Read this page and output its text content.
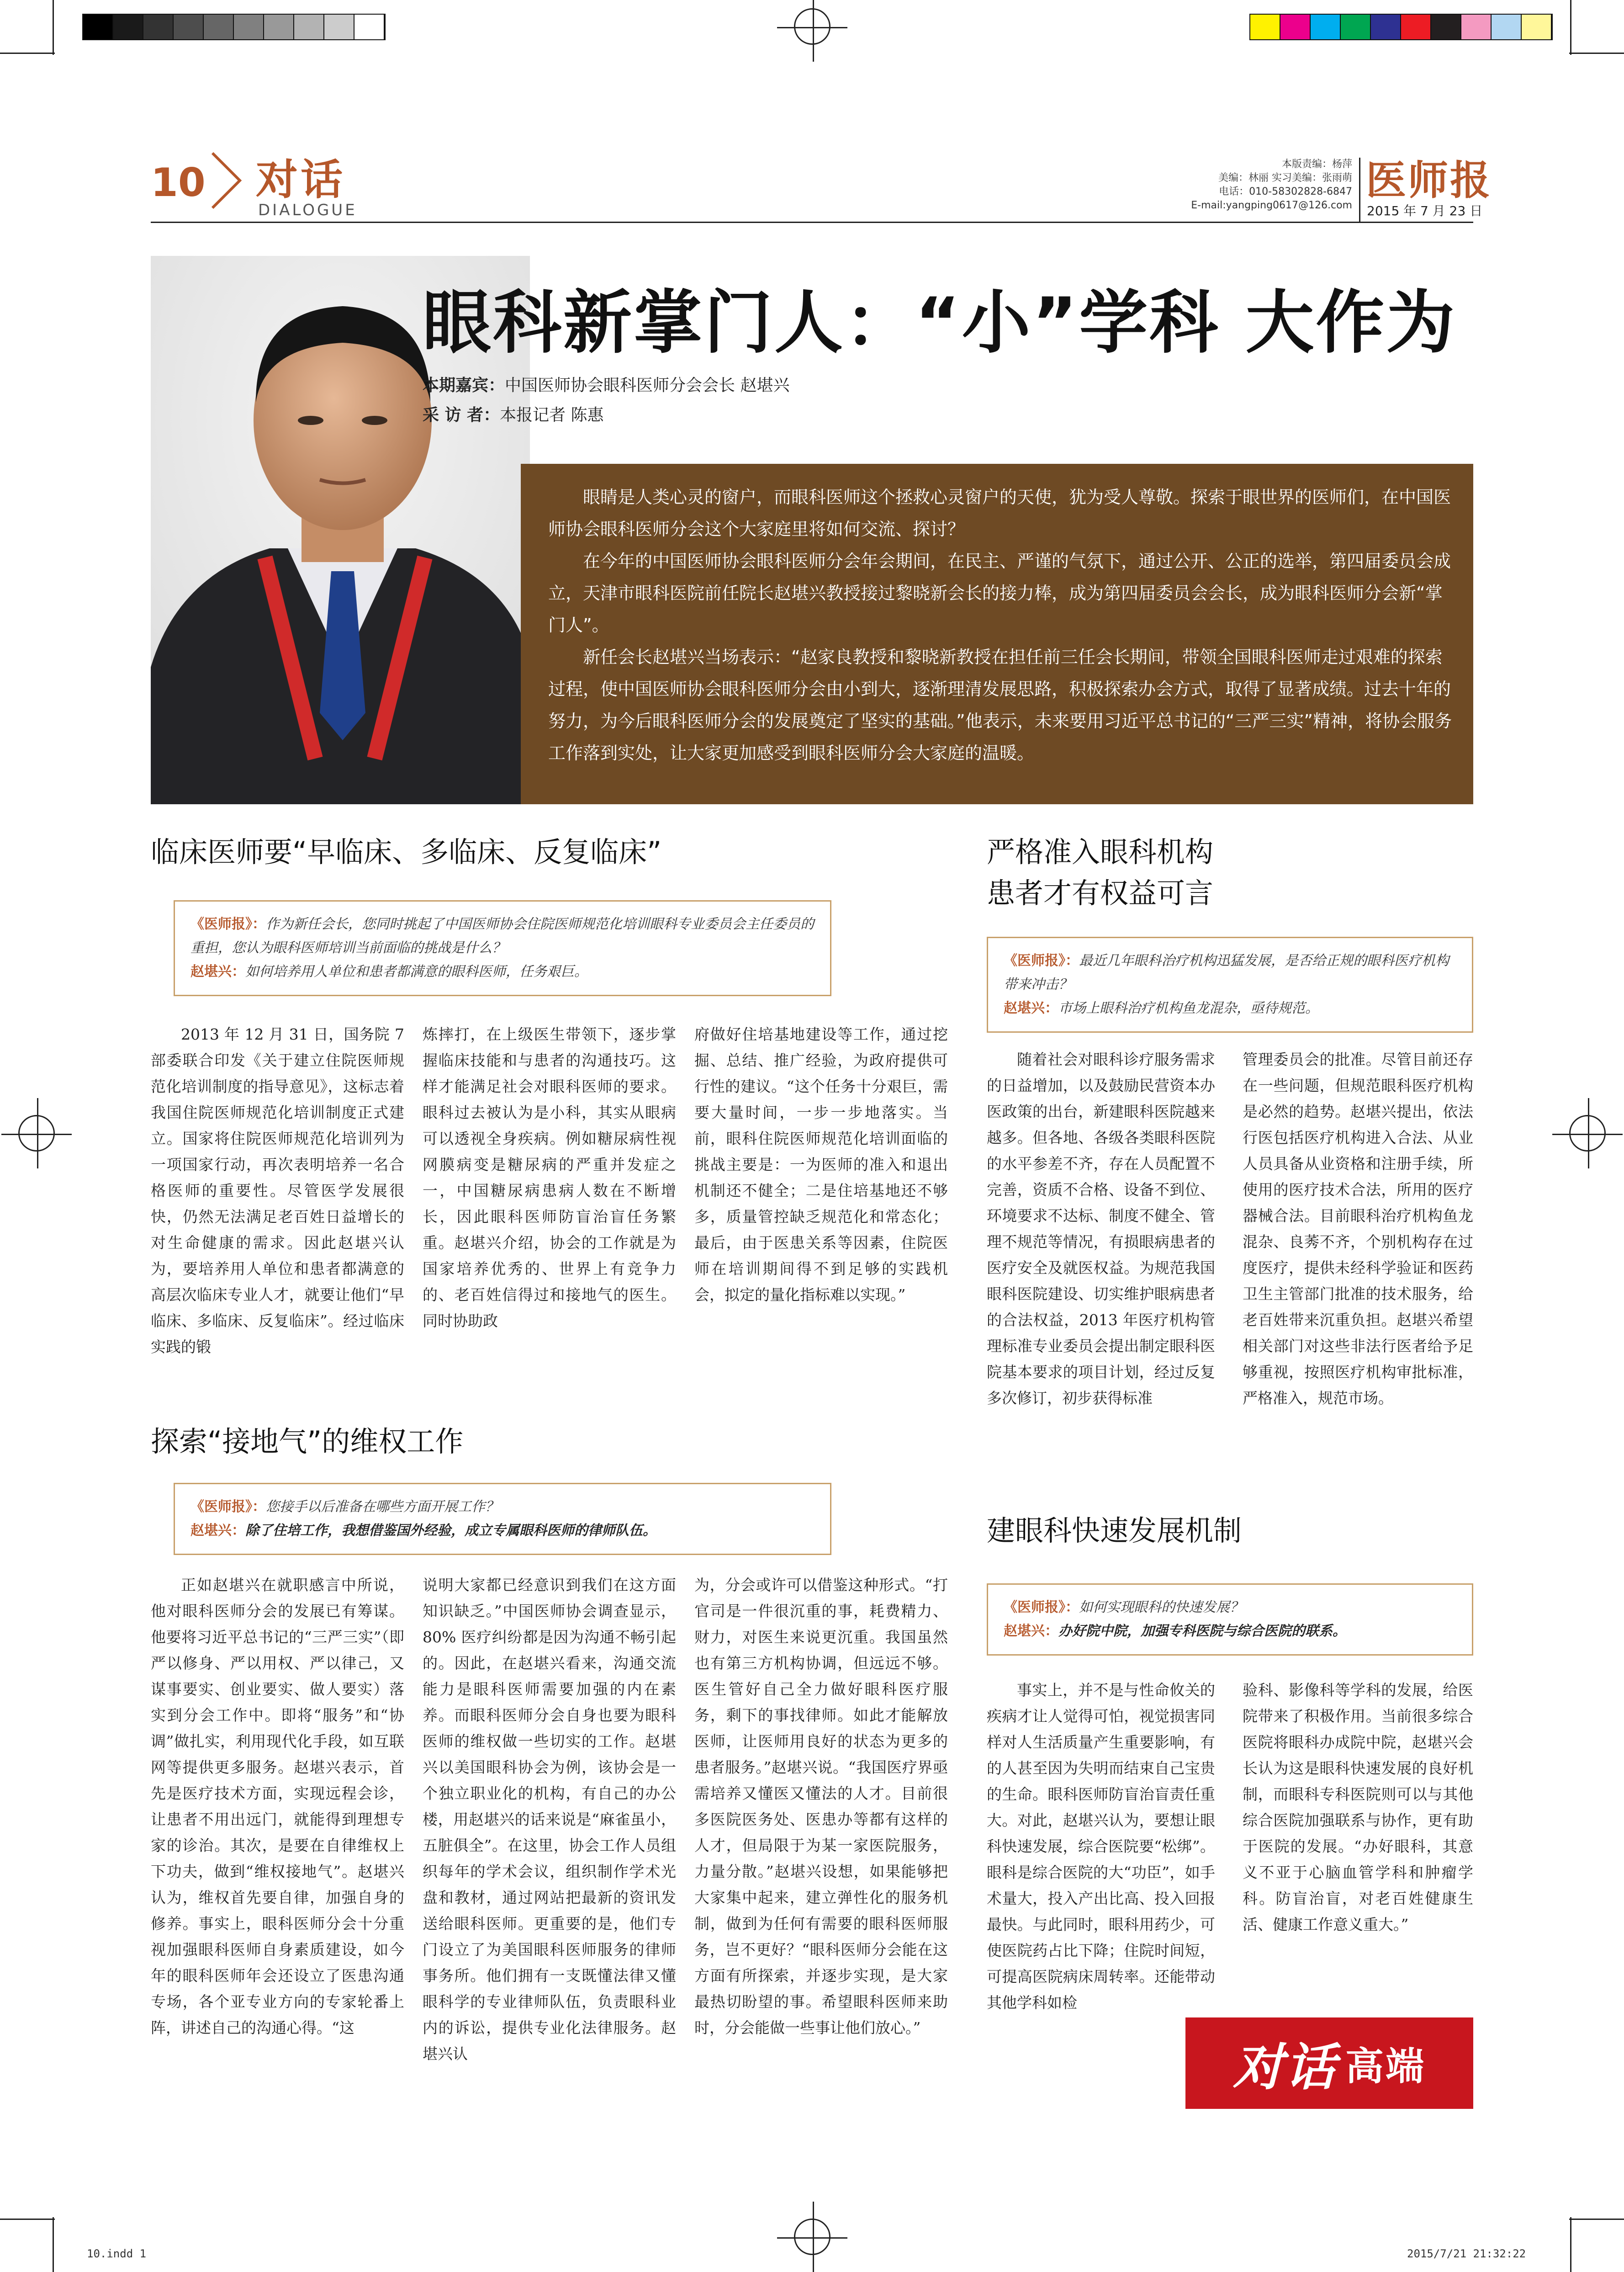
10 对话
DIALOGUE
本版责编：杨萍
美编：林丽 实习美编：张雨萌
电话：010-58302828-6847
E-mail:yangping0617@126.com
医师报
2015 年 7 月 23 日
眼科新掌门人：“小”学科 大作为
本期嘉宾：中国医师协会眼科医师分会会长 赵堪兴
采 访 者：本报记者 陈惠

眼睛是人类心灵的窗户，而眼科医师这个拯救心灵窗户的天使，犹为受人尊敬。探索于眼世界的医师们，在中国医师协会眼科医师分会这个大家庭里将如何交流、探讨？

在今年的中国医师协会眼科医师分会年会期间，在民主、严谨的气氛下，通过公开、公正的选举，第四届委员会成立，天津市眼科医院前任院长赵堪兴教授接过黎晓新会长的接力棒，成为第四届委员会会长，成为眼科医师分会新“掌门人”。

新任会长赵堪兴当场表示：“赵家良教授和黎晓新教授在担任前三任会长期间，带领全国眼科医师走过艰难的探索过程，使中国医师协会眼科医师分会由小到大，逐渐理清发展思路，积极探索办会方式，取得了显著成绩。过去十年的努力，为今后眼科医师分会的发展奠定了坚实的基础。”他表示，未来要用习近平总书记的“三严三实”精神，将协会服务工作落到实处，让大家更加感受到眼科医师分会大家庭的温暖。

临床医师要“早临床、多临床、反复临床”
《医师报》：作为新任会长，您同时挑起了中国医师协会住院医师规范化培训眼科专业委员会主任委员的重担，您认为眼科医师培训当前面临的挑战是什么？
赵堪兴：如何培养用人单位和患者都满意的眼科医师，任务艰巨。

2013 年 12 月 31 日，国务院 7 部委联合印发《关于建立住院医师规范化培训制度的指导意见》，这标志着我国住院医师规范化培训制度正式建立。国家将住院医师规范化培训列为一项国家行动，再次表明培养一名合格医师的重要性。尽管医学发展很快，仍然无法满足老百姓日益增长的对生命健康的需求。因此赵堪兴认为，要培养用人单位和患者都满意的高层次临床专业人才，就要让他们“早临床、多临床、反复临床”。经过临床实践的锻

炼摔打，在上级医生带领下，逐步掌握临床技能和与患者的沟通技巧。这样才能满足社会对眼科医师的要求。眼科过去被认为是小科，其实从眼病可以透视全身疾病。例如糖尿病性视网膜病变是糖尿病的严重并发症之一，中国糖尿病患病人数在不断增长，因此眼科医师防盲治盲任务繁重。赵堪兴介绍，协会的工作就是为国家培养优秀的、世界上有竞争力的、老百姓信得过和接地气的医生。同时协助政

府做好住培基地建设等工作，通过挖掘、总结、推广经验，为政府提供可行性的建议。“这个任务十分艰巨，需要大量时间，一步一步地落实。当前，眼科住院医师规范化培训面临的挑战主要是：一为医师的准入和退出机制还不健全；二是住培基地还不够多，质量管控缺乏规范化和常态化；最后，由于医患关系等因素，住院医师在培训期间得不到足够的实践机会，拟定的量化指标难以实现。”

探索“接地气”的维权工作
《医师报》：您接手以后准备在哪些方面开展工作？
赵堪兴：除了住培工作，我想借鉴国外经验，成立专属眼科医师的律师队伍。

正如赵堪兴在就职感言中所说，他对眼科医师分会的发展已有筹谋。他要将习近平总书记的“三严三实”（即严以修身、严以用权、严以律己，又谋事要实、创业要实、做人要实）落实到分会工作中。即将“服务”和“协调”做扎实，利用现代化手段，如互联网等提供更多服务。赵堪兴表示，首先是医疗技术方面，实现远程会诊，让患者不用出远门，就能得到理想专家的诊治。其次，是要在自律维权上下功夫，做到“维权接地气”。赵堪兴认为，维权首先要自律，加强自身的修养。事实上，眼科医师分会十分重视加强眼科医师自身素质建设，如今年的眼科医师年会还设立了医患沟通专场，各个亚专业方向的专家轮番上阵，讲述自己的沟通心得。“这

说明大家都已经意识到我们在这方面知识缺乏。”中国医师协会调查显示，80% 医疗纠纷都是因为沟通不畅引起的。因此，在赵堪兴看来，沟通交流能力是眼科医师需要加强的内在素养。而眼科医师分会自身也要为眼科医师的维权做一些切实的工作。赵堪兴以美国眼科协会为例，该协会是一个独立职业化的机构，有自己的办公楼，用赵堪兴的话来说是“麻雀虽小，五脏俱全”。在这里，协会工作人员组织每年的学术会议，组织制作学术光盘和教材，通过网站把最新的资讯发送给眼科医师。更重要的是，他们专门设立了为美国眼科医师服务的律师事务所。他们拥有一支既懂法律又懂眼科学的专业律师队伍，负责眼科业内的诉讼，提供专业化法律服务。赵堪兴认

为，分会或许可以借鉴这种形式。“打官司是一件很沉重的事，耗费精力、财力，对医生来说更沉重。我国虽然也有第三方机构协调，但远远不够。医生管好自己全力做好眼科医疗服务，剩下的事找律师。如此才能解放医师，让医师用良好的状态为更多的患者服务。”赵堪兴说。“我国医疗界亟需培养又懂医又懂法的人才。目前很多医院医务处、医患办等都有这样的人才，但局限于为某一家医院服务，力量分散。”赵堪兴设想，如果能够把大家集中起来，建立弹性化的服务机制，做到为任何有需要的眼科医师服务，岂不更好？“眼科医师分会能在这方面有所探索，并逐步实现，是大家最热切盼望的事。希望眼科医师来助时，分会能做一些事让他们放心。”

严格准入眼科机构
患者才有权益可言
《医师报》：最近几年眼科治疗机构迅猛发展，是否给正规的眼科医疗机构带来冲击？
赵堪兴：市场上眼科治疗机构鱼龙混杂，亟待规范。

随着社会对眼科诊疗服务需求的日益增加，以及鼓励民营资本办医政策的出台，新建眼科医院越来越多。但各地、各级各类眼科医院的水平参差不齐，存在人员配置不完善，资质不合格、设备不到位、环境要求不达标、制度不健全、管理不规范等情况，有损眼病患者的医疗安全及就医权益。为规范我国眼科医院建设、切实维护眼病患者的合法权益，2013 年医疗机构管理标准专业委员会提出制定眼科医院基本要求的项目计划，经过反复多次修订，初步获得标准

管理委员会的批准。尽管目前还存在一些问题，但规范眼科医疗机构是必然的趋势。赵堪兴提出，依法行医包括医疗机构进入合法、从业人员具备从业资格和注册手续，所使用的医疗技术合法，所用的医疗器械合法。目前眼科治疗机构鱼龙混杂、良莠不齐，个别机构存在过度医疗，提供未经科学验证和医药卫生主管部门批准的技术服务，给老百姓带来沉重负担。赵堪兴希望相关部门对这些非法行医者给予足够重视，按照医疗机构审批标准，严格准入，规范市场。

建眼科快速发展机制
《医师报》：如何实现眼科的快速发展？
赵堪兴：办好院中院，加强专科医院与综合医院的联系。

事实上，并不是与性命攸关的疾病才让人觉得可怕，视觉损害同样对人生活质量产生重要影响，有的人甚至因为失明而结束自己宝贵的生命。眼科医师防盲治盲责任重大。对此，赵堪兴认为，要想让眼科快速发展，综合医院要“松绑”。眼科是综合医院的大“功臣”，如手术量大，投入产出比高、投入回报最快。与此同时，眼科用药少，可使医院药占比下降；住院时间短，可提高医院病床周转率。还能带动其他学科如检

验科、影像科等学科的发展，给医院带来了积极作用。当前很多综合医院将眼科办成院中院，赵堪兴会长认为这是眼科快速发展的良好机制，而眼科专科医院则可以与其他综合医院加强联系与协作，更有助于医院的发展。“办好眼科，其意义不亚于心脑血管学科和肿瘤学科。防盲治盲，对老百姓健康生活、健康工作意义重大。”

对话 高端
10.indd 1	2015/7/21 21:32:22
